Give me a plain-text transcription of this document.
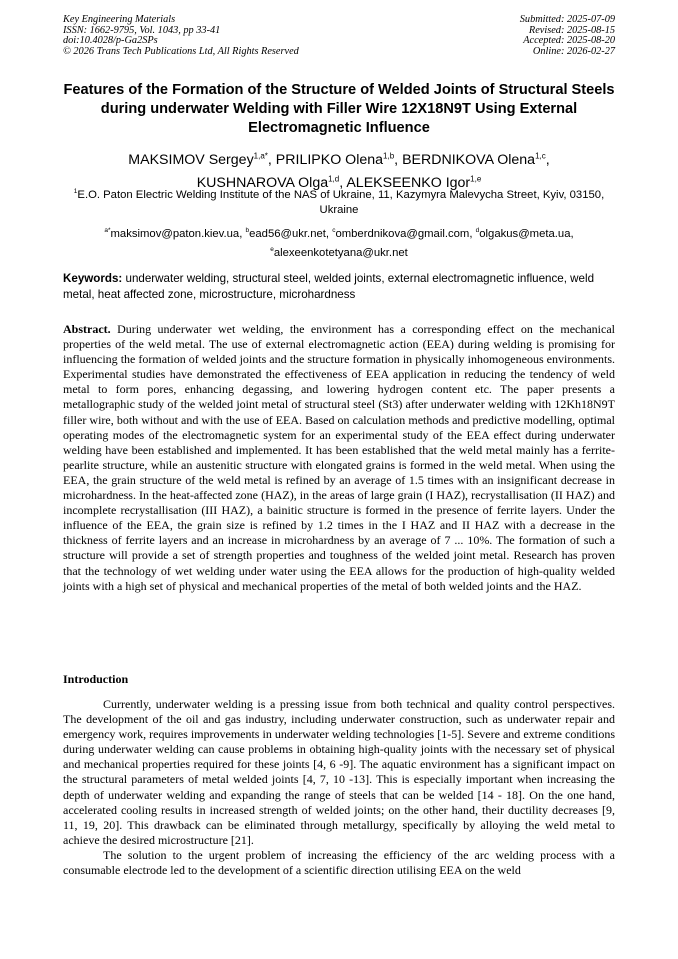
Key Engineering Materials
ISSN: 1662-9795, Vol. 1043, pp 33-41
doi:10.4028/p-Ga2SPs
© 2026 Trans Tech Publications Ltd, All Rights Reserved
Submitted: 2025-07-09
Revised: 2025-08-15
Accepted: 2025-08-20
Online: 2026-02-27
Features of the Formation of the Structure of Welded Joints of Structural Steels during underwater Welding with Filler Wire 12X18N9T Using External Electromagnetic Influence
MAKSIMOV Sergey$^{1,a*}$, PRILIPKO Olena$^{1,b}$, BERDNIKOVA Olena$^{1,c}$,
KUSHNAROVA Olga$^{1,d}$, ALEKSEENKO Igor$^{1,e}$
$^1$E.O. Paton Electric Welding Institute of the NAS of Ukraine, 11, Kazymyra Malevycha Street, Kyiv, 03150, Ukraine
$^{a*}$maksimov@paton.kiev.ua, $^b$ead56@ukr.net, $^c$omberdnikova@gmail.com, $^d$olgakus@meta.ua,
$^e$alexeenkotetyana@ukr.net
Keywords: underwater welding, structural steel, welded joints, external electromagnetic influence, weld metal, heat affected zone, microstructure, microhardness
Abstract. During underwater wet welding, the environment has a corresponding effect on the mechanical properties of the weld metal. The use of external electromagnetic action (EEA) during welding is promising for influencing the formation of welded joints and the structure formation in physically inhomogeneous environments. Experimental studies have demonstrated the effectiveness of EEA application in reducing the tendency of weld metal to form pores, enhancing degassing, and lowering hydrogen content etc. The paper presents a metallographic study of the welded joint metal of structural steel (St3) after underwater welding with 12Kh18N9T filler wire, both without and with the use of EEA. Based on calculation methods and predictive modelling, optimal operating modes of the electromagnetic system for an experimental study of the EEA effect during underwater welding have been established and implemented. It has been established that the weld metal mainly has a ferrite-pearlite structure, while an austenitic structure with elongated grains is formed in the weld metal. When using the EEA, the grain structure of the weld metal is refined by an average of 1.5 times with an insignificant decrease in microhardness. In the heat-affected zone (HAZ), in the areas of large grain (I HAZ), recrystallisation (II HAZ) and incomplete recrystallisation (III HAZ), a bainitic structure is formed in the presence of ferrite layers. Under the influence of the EEA, the grain size is refined by 1.2 times in the I HAZ and II HAZ with a decrease in the thickness of ferrite layers and an increase in microhardness by an average of 7 ... 10%. The formation of such a structure will provide a set of strength properties and toughness of the welded joint metal. Research has proven that the technology of wet welding under water using the EEA allows for the production of high-quality welded joints with a high set of physical and mechanical properties of the metal of both welded joints and the HAZ.
Introduction

Currently, underwater welding is a pressing issue from both technical and quality control perspectives. The development of the oil and gas industry, including underwater construction, such as underwater repair and emergency work, requires improvements in underwater welding technologies [1-5]. Severe and extreme conditions during underwater welding can cause problems in obtaining high-quality joints with the necessary set of physical and mechanical properties required for these joints [4, 6 -9]. The aquatic environment has a significant impact on the structural parameters of metal welded joints [4, 7, 10 -13]. This is especially important when increasing the depth of underwater welding and expanding the range of steels that can be welded [14 - 18]. On the one hand, accelerated cooling results in increased strength of welded joints; on the other hand, their ductility decreases [9, 11, 19, 20]. This drawback can be eliminated through metallurgy, specifically by alloying the weld metal to achieve the desired microstructure [21].

The solution to the urgent problem of increasing the efficiency of the arc welding process with a consumable electrode led to the development of a scientific direction utilising EEA on the weld
